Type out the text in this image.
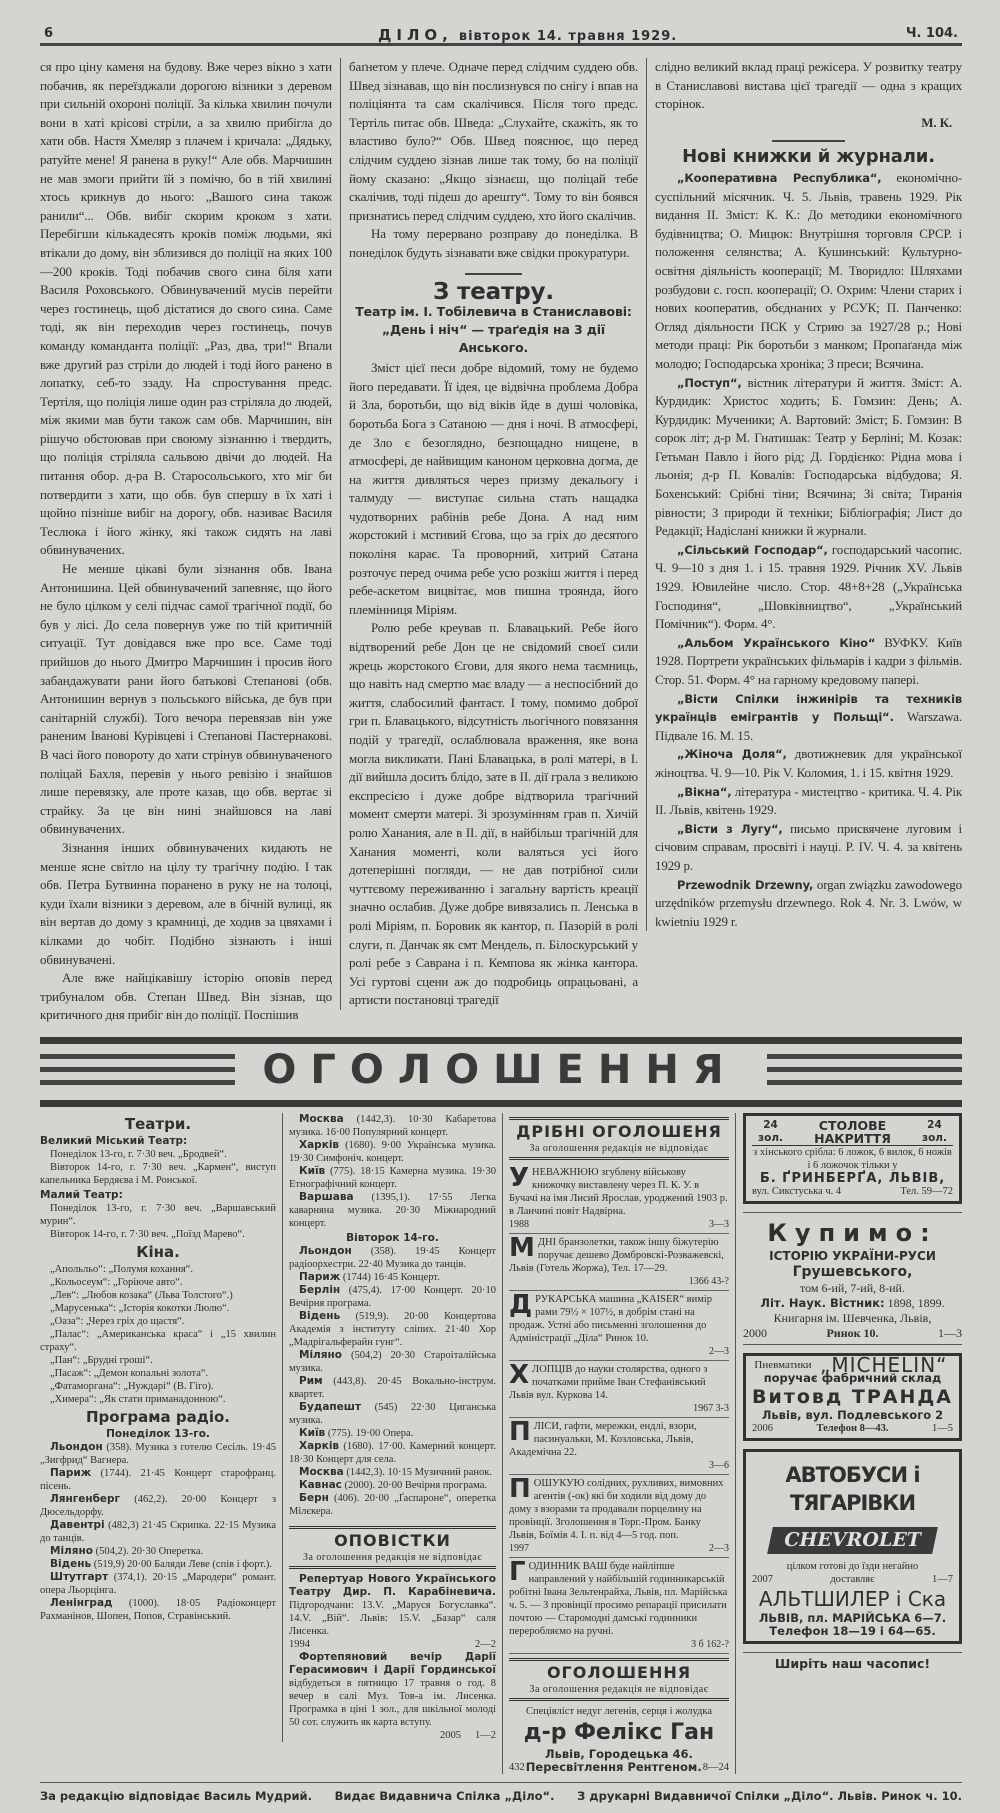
6	ДІЛО, вівторок 14. травня 1929.	Ч. 104.

ся про ціну каменя на будову. Вже через вікно з хати побачив, як переїзджали дорогою візники з деревом при сильній охороні поліції. За кілька хвилин почули вони в хаті крісові стріли, а за хвилю прибігла до хати обв. Настя Хмеляр з плачем і кричала: „Дядьку, ратуйте мене! Я ранена в руку!“ Але обв. Марчишин не мав змоги прийти їй з помічю, бо в тій хвилині хтось крикнув до нього: „Вашого сина також ранили“... Обв. вибіг скорим кроком з хати. Перебігши кількадесять кроків поміж людьми, які втікали до дому, він зблизився до поліції на яких 100—200 кроків. Тоді побачив свого сина біля хати Василя Роховського. Обвинувачений мусів перейти через гостинець, щоб дістатися до свого сина. Саме тоді, як він переходив через гостинець, почув команду команданта поліції: „Раз, два, три!“ Впали вже другий раз стріли до людей і тоді його ранено в лопатку, себ-то ззаду. На спростування предс. Тертіля, що поліція лише один раз стріляла до людей, між якими мав бути також сам обв. Марчишин, він рішучо обстоював при своюму зізнанню і твердить, що поліція стріляла сальвою двічи до людей. На питання обор. д-ра В. Старосольського, хто міг би потвердити з хати, що обв. був спершу в їх хаті і щойно пізніше вибіг на дорогу, обв. називає Василя Теслюка і його жінку, які також сидять на лаві обвинувачених.

Не менше цікаві були зізнання обв. Івана Антонишина. Цей обвинувачений запевняє, що його не було цілком у селі підчас самої трагічної події, бо був у лісі. До села повернув уже по тій критичній ситуації. Тут довідався вже про все. Саме тоді прийшов до нього Дмитро Марчишин і просив його забандажувати рани його батькові Степанові (обв. Антонишин вернув з польського війська, де був при санітарній службі). Того вечора перевязав він уже раненим Іванові Курівцеві і Степанові Пастернакові. В часі його повороту до хати стрінув обвинуваченого поліцай Бахля, перевів у нього ревізію і знайшов лише перевязку, але проте казав, що обв. вертає зі страйку. За це він нині знайшовся на лаві обвинувачених.

Зізнання інших обвинувачених кидають не менше ясне світло на цілу ту трагічну подію. І так обв. Петра Бутвинна поранено в руку не на толоці, куди їхали візники з деревом, але в бічній вулиці, як він вертав до дому з крамниці, де ходив за цвяхами і кілками до чобіт. Подібно зізнають і інші обвинувачені.

Але вже найцікавішу історію оповів перед трибуналом обв. Степан Швед. Він зізнав, що критичного дня прибіг він до поліції. Поспішив

баґнетом у плече. Одначе перед слідчим суддею обв. Швед зізнавав, що він послизнувся по снігу і впав на поліціянта та сам скалічився. Після того предс. Тертіль питає обв. Шведа: „Слухайте, скажіть, як то властиво було?“ Обв. Швед пояснює, що перед слідчим суддею зізнав лише так тому, бо на поліції йому сказано: „Якщо зізнаєш, що поліцай тебе скалічив, тоді підеш до арешту“. Тому то він боявся признатись перед слідчим суддею, хто його скалічив.

На тому перервано розправу до понеділка. В понеділок будуть зізнавати вже свідки прокуратури.

З театру.
Театр ім. І. Тобілевича в Станиславові: „День і ніч“ — траґедія на 3 дії Анського.

Зміст цієї песи добре відомий, тому не будемо його передавати. Її ідея, це відвічна проблема Добра й Зла, боротьби, що від віків йде в душі чоловіка, боротьба Бога з Сатаною — дня і ночі. В атмосфері, де Зло є безоглядно, безпощадно нищене, в атмосфері, де найвищим каноном церковна догма, де на життя дивляться через призму декальогу і талмуду — виступає сильна стать нащадка чудотворних рабінів ребе Дона. А над ним жорстокий і мстивий Єгова, що за гріх до десятого поколіня карає. Та проворний, хитрий Сатана розточує перед очима ребе усю розкіш життя і перед ребе-аскетом вицвітає, мов пишна троянда, його племінниця Міріям.

Ролю ребе креував п. Блавацький. Ребе його відтворений ребе Дон це не свідомий своєї сили жрець жорстокого Єгови, для якого нема таємниць, що навіть над смертю має владу — а неспосібний до життя, слабосилий фантаст. І тому, помимо доброї гри п. Блавацького, відсутність льогічного повязання подій у трагедії, ослаблювала враження, яке вона могла викликати. Пані Блавацька, в ролі матері, в I. дії вийшла досить блідо, зате в II. дії грала з великою експресією і дуже добре відтворила трагічний момент смерти матері. Зі зрозумінням грав п. Хичій ролю Ханания, але в II. дії, в найбільш трагічній для Ханания моменті, коли валяться усі його дотеперішні погляди, — не дав потрібної сили чуттєвому переживанню і загальну вартість креації значно ослабив. Дуже добре вивязались п. Ленська в ролі Міріям, п. Боровик як кантор, п. Пазорій в ролі слуги, п. Данчак як смт Мендель, п. Білоскурський у ролі ребе з Саврана і п. Кемпова як жінка кантора. Усі гуртові сцени аж до подробиць опрацьовані, а артисти постановці трагедії

слідно великий вклад праці режісера. У розвитку театру в Станиславові вистава цієї трагедії — одна з кращих сторінок.

М. К.
Нові книжки й журнали.

„Кооперативна Республика“, економічно-суспільний місячник. Ч. 5. Львів, травень 1929. Рік видання II. Зміст: К. К.: До методики економічного будівництва; О. Мицюк: Внутрішня торговля СРСР. і положення селянства; А. Кушинський: Культурно-освітня діяльність кооперації; М. Творидло: Шляхами розбудови с. госп. кооперації; О. Охрим: Члени старих і нових кооператив, обєднаних у РСУК; П. Панченко: Огляд діяльности ПСК у Стрию за 1927/28 р.; Нові методи праці: Рік боротьби з манком; Пропаґанда між молодю; Господарська хроніка; З преси; Всячина.

„Поступ“, вістник літератури й життя. Зміст: А. Курдидик: Христос ходить; Б. Гомзин: День; А. Курдидик: Мученики; А. Вартовий: Зміст; Б. Гомзин: В сорок літ; д-р М. Гнатишак: Театр у Берліні; М. Козак: Гетьман Павло і його рід; Д. Гордієнко: Рідна мова і льонія; д-р П. Ковалів: Господарська відбудова; Я. Бохенський: Срібні тіни; Всячина; Зі світа; Тиранія рівности; З природи й техніки; Бібліографія; Лист до Редакції; Надіслані книжки й журнали.

„Сільський Господар“, господарський часопис. Ч. 9—10 з дня 1. і 15. травня 1929. Річник XV. Львів 1929. Ювилейне число. Стор. 48+8+28 („Українська Господиня“, „Шовківництво“, „Український Помічник“). Форм. 4°.

„Альбом Українського Кіно“ ВУФКУ. Київ 1928. Портрети українських фільмарів і кадри з фільмів. Стор. 51. Форм. 4° на гарному кредовому папері.

„Вісти Спілки інжинірів та техників українців емігрантів у Польщі“. Warszawa. Підвале 16. М. 15.

„Жіноча Доля“, двотижневик для української жіноцтва. Ч. 9—10. Рік V. Коломия, 1. і 15. квітня 1929.

„Вікна“, література - мистецтво - критика. Ч. 4. Рік II. Львів, квітень 1929.

„Вісти з Лугу“, письмо присвячене луговим і січовим справам, просвіті і науці. Р. IV. Ч. 4. за квітень 1929 р.

Przewodnik Drzewny, organ związku zawodowego urzędników przemysłu drzewnego. Rok 4. Nr. 3. Lwów, w kwietniu 1929 r.

ОГОЛОШЕННЯ
Театри.
Великий Міський Театр:

Понеділок 13-го, г. 7·30 веч. „Бродвей“.

Вівторок 14-го, г. 7·30 веч. „Кармен“, виступ капельника Бердяєва і М. Ронської.

Малий Театр:

Понеділок 13-го, г. 7·30 веч. „Варшавський мурин“.

Вівторок 14-го, г. 7·30 веч. „Поїзд Марево“.

Кіна.

„Апольльо“: „Полумя кохання“.

„Кольосеум“: „Горіюче авто“.

„Лев“: „Любов козака“ (Льва Толстого“.)

„Марусенька“: „Історія кокотки Люлю“.

„Оаза“: „Через гріх до щастя“.

„Палас“: „Американська краса“ і „15 хвилин страху“.

„Пан“: „Брудні гроші“.

„Пасаж“: „Демон копальні золота“.

„Фатаморгана“: „Нуждарі“ (В. Гіго).

„Химера“: „Як стати приманадонною“.

Програма радіо.
Понеділок 13-го.

Льондон (358). Музика з готелю Сесіль. 19·45 „Зигфрид“ Вагнера.

Париж (1744). 21·45 Концерт старофранц. пісень.

Лянгенберг (462,2). 20·00 Концерт з Дюсельдорфу.

Давентрі (482,3) 21·45 Скрипка. 22·15 Музика до танців.

Міляно (504,2). 20·30 Оперетка.

Відень (519,9) 20·00 Баляди Леве (спів і форт.).

Штутгарт (374,1). 20·15 „Мародери“ романт. опера Льорцінга.

Ленінград (1000). 18·05 Радіоконцерт Рахманінов, Шопен, Попов, Стравінський.

Москва (1442,3). 10·30 Кабаретова музика. 16·00 Популярний концерт.

Харків (1680). 9·00 Українська музика. 19·30 Симфоніч. концерт.

Київ (775). 18·15 Камерна музика. 19·30 Етнографічний концерт.

Варшава (1395,1). 17·55 Легка каварняна музика. 20·30 Міжнародний концерт.

Вівторок 14-го.

Льондон (358). 19·45 Концерт радіоорхестри. 22·40 Музика до танців.

Париж (1744) 16·45 Концерт.

Берлін (475,4). 17·00 Концерт. 20·10 Вечірня програма.

Відень (519,9). 20·00 Концертова Академія з інституту сліпих. 21·40 Хор „Мадрігальферайн гунг“.

Міляно (504,2) 20·30 Староіталійська музика.

Рим (443,8). 20·45 Вокально-інструм. квартет.

Будапешт (545) 22·30 Циганська музика.

Київ (775). 19·00 Опера.

Харків (1680). 17·00. Камерний концерт. 18·30 Концерт для села.

Москва (1442,3). 10·15 Музичний ранок.

Кавнас (2000). 20·00 Вечірня програма.

Берн (406). 20·00 „Ґаспароне“, оперетка Мілєкера.

ОПОВІСТКИ
За оголошення редакція не відповідає

Репертуар Нового Українського Театру Дир. П. Карабіневича. Підгородчани: 13.V. „Маруся Богуславка“. 14.V. „Вій“. Львів: 15.V. „Базар“ саля Лисенка.

1994	2—2

Фортепяновий вечір Дарії Герасимович і Дарії Гординської відбудеться в пятницю 17 травня о год. 8 вечер в салі Муз. Тов-а ім. Лисенка. Програмка в ціні 1 зол., для шкільної молоді 50 сот. служить як карта вступу.

2005 1—2
ДРІБНІ ОГОЛОШЕНЯ
За оголошення редакція не відповідає
УНЕВАЖНЮЮ згублену військову книжочку виставлену через П. К. У. в Бучачі на імя Лисий Ярослав, уроджений 1903 р. в Ланчині повіт Надвірна.
1988	3—3
МДНІ бранзолетки, також іншу біжутерію поручає дешево Домбровскі-Розважевскі, Львів (Готель Жоржа), Тел. 17—29.
1366 43-?
ДРУКАРСЬКА машина „KAISER“ вимір рами 79½ × 107½, в добрім стані на продаж. Устні або письменні зголошення до Адміністрації „Діла“ Ринок 10.
2—3
ХЛОПЦІВ до науки столярства, одного з початками прийме Іван Стефанівський Львів вул. Куркова 14.
1967 3-3
ПЛІСИ, гафти, мережки, ендлі, взори, пасинуальки, М. Козловська, Львів, Академічна 22.
3—6
ПОШУКУЮ солідних, рухливих, вимовних агентів (-ок) які би ходили від дому до дому з взорами та продавали порцелину на провінції. Зголошення в Торг.-Пром. Банку Львів, Боїмів 4. I. п. від 4—5 год. поп.
1997	2—3
ГОДИННИК ВАШ буде найліпше направлений у найбільшій годинникарській робітні Івана Зельтенрайха, Львів, пл. Марійська ч. 5. — З провінції просимо репарації присилати почтою — Старомодні дамські годинники переробляємо на ручні.
3 б 162-?
ОГОЛОШЕННЯ
За оголошення редакція не відповідає
Спеціяліст недуг легенів, серця і жолудка
д-р Фелікс Ган
Львів, Городецька 46.
432 Пересвітлення Рентгеном. 8—24
24 зол.
СТОЛОВЕ НАКРИТТЯ
24 зол.
з хінського срібла: 6 ложок, 6 вилок, 6 ножів і 6 ложочок тільки у
Б. ҐРИНБЕРҐА, ЛЬВІВ,
вул. Сикстуська ч. 4	Тел. 59—72
Купимо:
ІСТОРІЮ УКРАЇНИ-РУСИ
Грушевського,
том 6-ий, 7-ий, 8-ий.
Літ. Наук. Вістник: 1898, 1899.
Книгарня ім. Шевченка, Львів,
2000	Ринок 10.	1—3
Пневматики „MICHELIN“
поручає фабричний склад
Витовд ТРАНДА
Львів, вул. Подлевського 2
2006	Телефон 8—43.	1—5
АВТОБУСИ і ТЯГАРІВКИ
CHEVROLET
цілком готові до їзди негайно
2007	доставляє	1—7
АЛЬТШИЛЕР і Ска
ЛЬВІВ, пл. МАРІЙСЬКА 6—7.
Телефон 18—19 і 64—65.
Ширіть наш часопис!
За редакцію відповідає Василь Мудрий. Видає Видавнича Спілка „Діло“. З друкарні Видавничої Спілки „Діло“. Львів. Ринок ч. 10.
